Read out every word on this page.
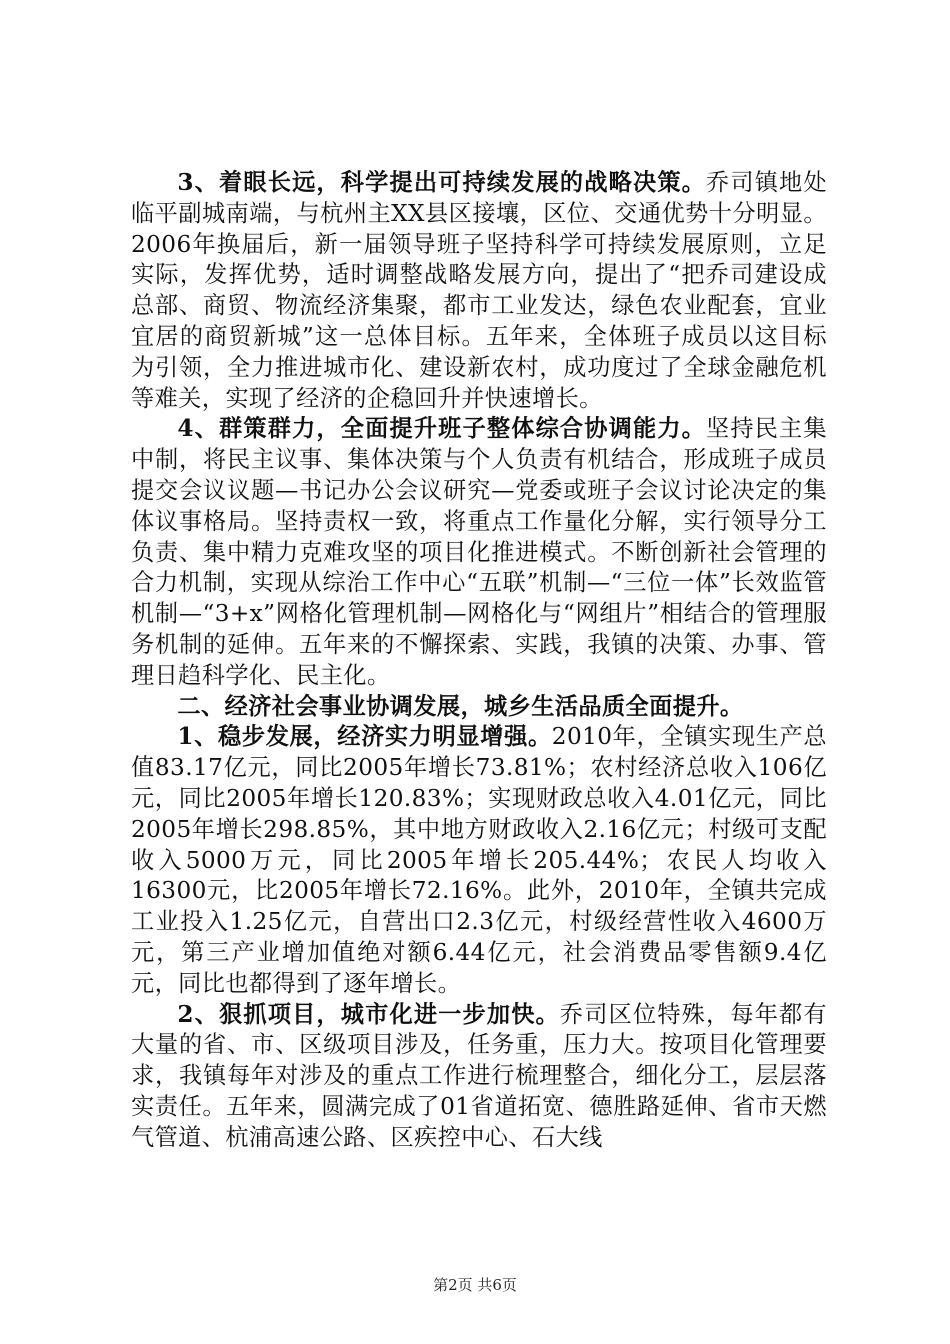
3、着眼长远，科学提出可持续发展的战略决策。乔司镇地处临平副城南端，与杭州主XX县区接壤，区位、交通优势十分明显。2006年换届后，新一届领导班子坚持科学可持续发展原则，立足实际，发挥优势，适时调整战略发展方向，提出了“把乔司建设成总部、商贸、物流经济集聚，都市工业发达，绿色农业配套，宜业宜居的商贸新城”这一总体目标。五年来，全体班子成员以这目标为引领，全力推进城市化、建设新农村，成功度过了全球金融危机等难关，实现了经济的企稳回升并快速增长。

4、群策群力，全面提升班子整体综合协调能力。坚持民主集中制，将民主议事、集体决策与个人负责有机结合，形成班子成员提交会议议题—书记办公会议研究—党委或班子会议讨论决定的集体议事格局。坚持责权一致，将重点工作量化分解，实行领导分工负责、集中精力克难攻坚的项目化推进模式。不断创新社会管理的合力机制，实现从综治工作中心“五联”机制—“三位一体”长效监管机制—“3+x”网格化管理机制—网格化与“网组片”相结合的管理服务机制的延伸。五年来的不懈探索、实践，我镇的决策、办事、管理日趋科学化、民主化。

二、经济社会事业协调发展，城乡生活品质全面提升。

1、稳步发展，经济实力明显增强。2010年，全镇实现生产总值83.17亿元，同比2005年增长73.81%；农村经济总收入106亿元，同比2005年增长120.83%；实现财政总收入4.01亿元，同比2005年增长298.85%，其中地方财政收入2.16亿元；村级可支配收入5000万元，同比2005年增长205.44%；农民人均收入16300元，比2005年增长72.16%。此外，2010年，全镇共完成工业投入1.25亿元，自营出口2.3亿元，村级经营性收入4600万元，第三产业增加值绝对额6.44亿元，社会消费品零售额9.4亿元，同比也都得到了逐年增长。

2、狠抓项目，城市化进一步加快。乔司区位特殊，每年都有大量的省、市、区级项目涉及，任务重，压力大。按项目化管理要求，我镇每年对涉及的重点工作进行梳理整合，细化分工，层层落实责任。五年来，圆满完成了01省道拓宽、德胜路延伸、省市天燃气管道、杭浦高速公路、区疾控中心、石大线

第2页 共6页
